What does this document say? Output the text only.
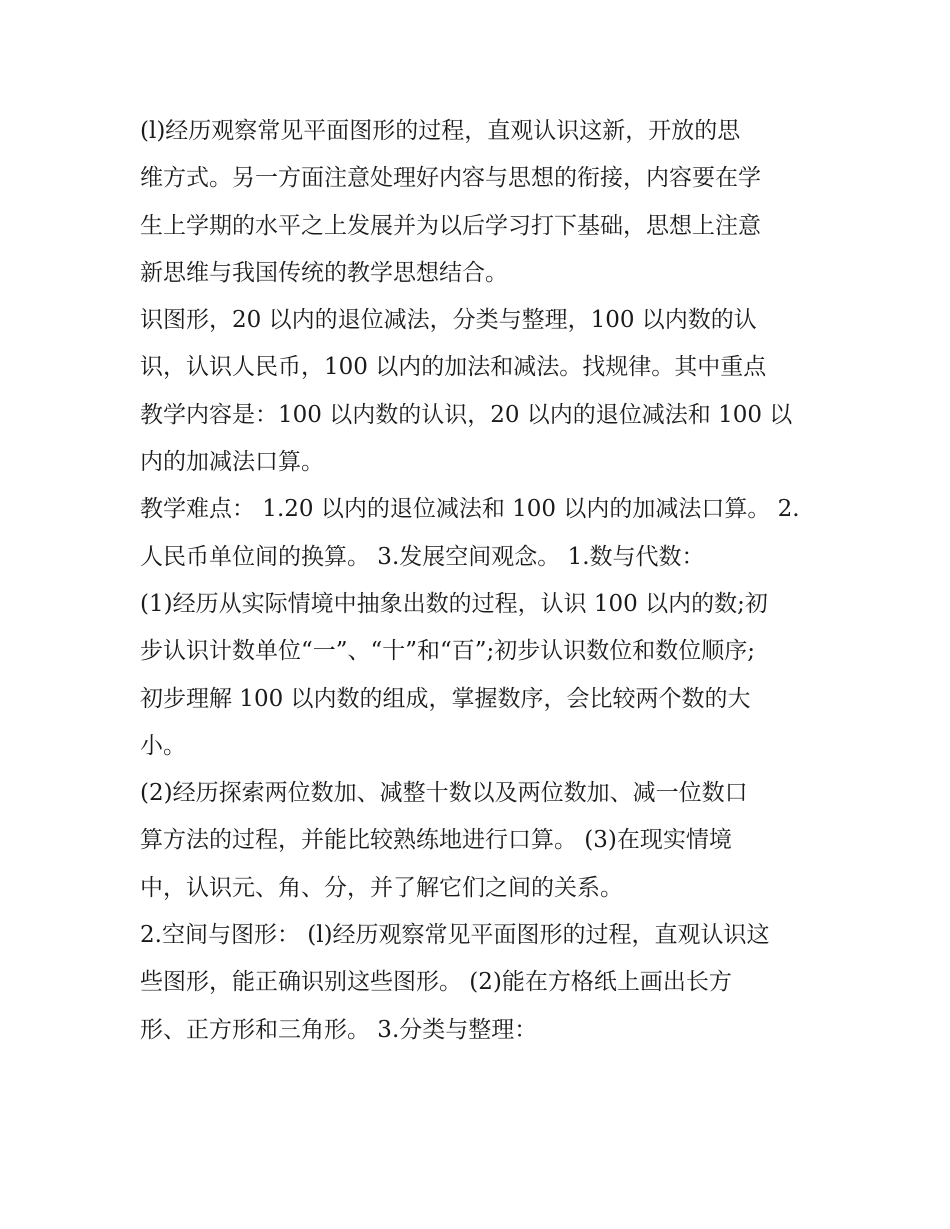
(l)经历观察常见平面图形的过程，直观认识这新，开放的思
维方式。另一方面注意处理好内容与思想的衔接，内容要在学
生上学期的水平之上发展并为以后学习打下基础，思想上注意
新思维与我国传统的教学思想结合。
识图形，20 以内的退位减法，分类与整理，100 以内数的认
识，认识人民币，100 以内的加法和减法。找规律。其中重点
教学内容是：100 以内数的认识，20 以内的退位减法和 100 以
内的加减法口算。
教学难点： 1.20 以内的退位减法和 100 以内的加减法口算。 2.
人民币单位间的换算。 3.发展空间观念。 1.数与代数：
(1)经历从实际情境中抽象出数的过程，认识 100 以内的数;初
步认识计数单位“一”、“十”和“百”;初步认识数位和数位顺序;
初步理解 100 以内数的组成，掌握数序，会比较两个数的大
小。
(2)经历探索两位数加、减整十数以及两位数加、减一位数口
算方法的过程，并能比较熟练地进行口算。 (3)在现实情境
中，认识元、角、分，并了解它们之间的关系。
2.空间与图形： (l)经历观察常见平面图形的过程，直观认识这
些图形，能正确识别这些图形。 (2)能在方格纸上画出长方
形、正方形和三角形。 3.分类与整理：
